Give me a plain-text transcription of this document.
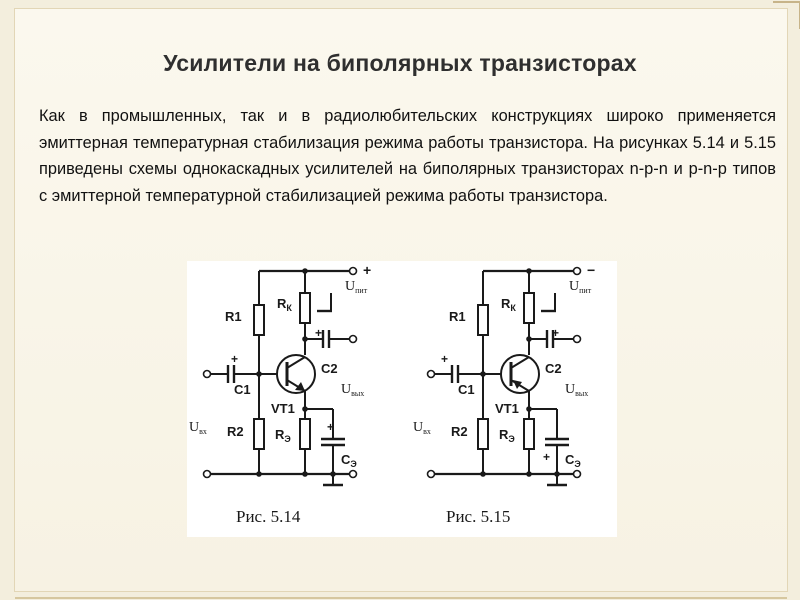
Усилители на биполярных транзисторах
Как в промышленных, так и в радиолюбительских конструкциях широко применяется эмиттерная температурная стабилизация режима работы транзистора. На рисунках 5.14 и 5.15 приведены схемы однокаскадных усилителей на биполярных транзисторах n-p-n и p-n-p типов с эмиттерной температурной стабилизацией режима работы транзистора.
+
$U_{пит}$
R1
$R_К$
+
C2
+
C1	$U_{вых}$
VT1
$U_{вх}$ R2 $R_Э$
+
$C_Э$
−
$U_{пит}$
R1
$R_К$
+
C2
+
C1	$U_{вых}$
VT1
$U_{вх}$ R2 $R_Э$
+ $C_Э$
Рис. 5.14	Рис. 5.15
